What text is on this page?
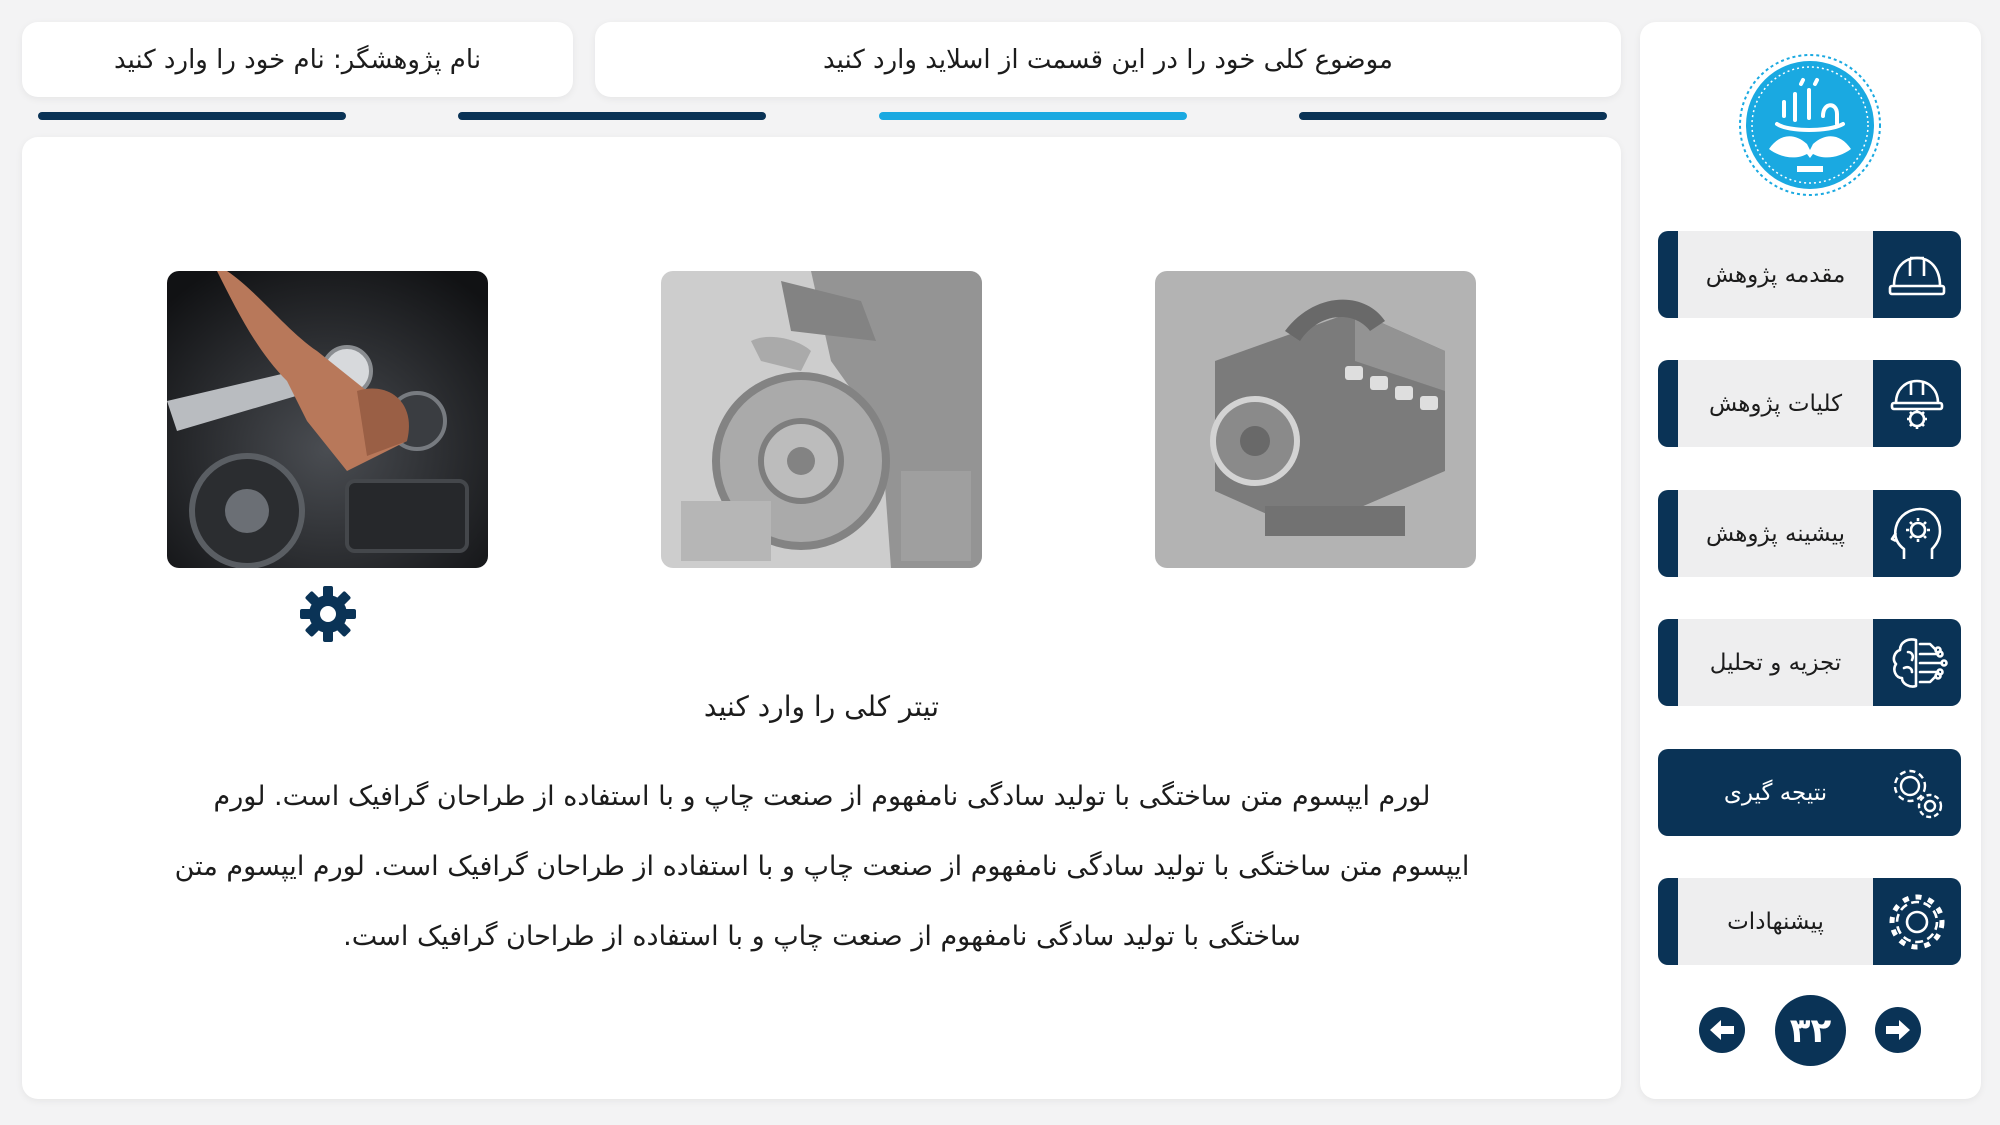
نام پژوهشگر: نام خود را وارد کنید	موضوع کلی خود را در این قسمت از اسلاید وارد کنید
تیتر کلی را وارد کنید
لورم ایپسوم متن ساختگی با تولید سادگی نامفهوم از صنعت چاپ و با استفاده از طراحان گرافیک است. لورم ایپسوم متن ساختگی با تولید سادگی نامفهوم از صنعت چاپ و با استفاده از طراحان گرافیک است. لورم ایپسوم متن ساختگی با تولید سادگی نامفهوم از صنعت چاپ و با استفاده از طراحان گرافیک است.
مقدمه پژوهش
کلیات پژوهش
پیشینه پژوهش
تجزیه و تحلیل
نتیجه گیری
پیشنهادات
۳۲
